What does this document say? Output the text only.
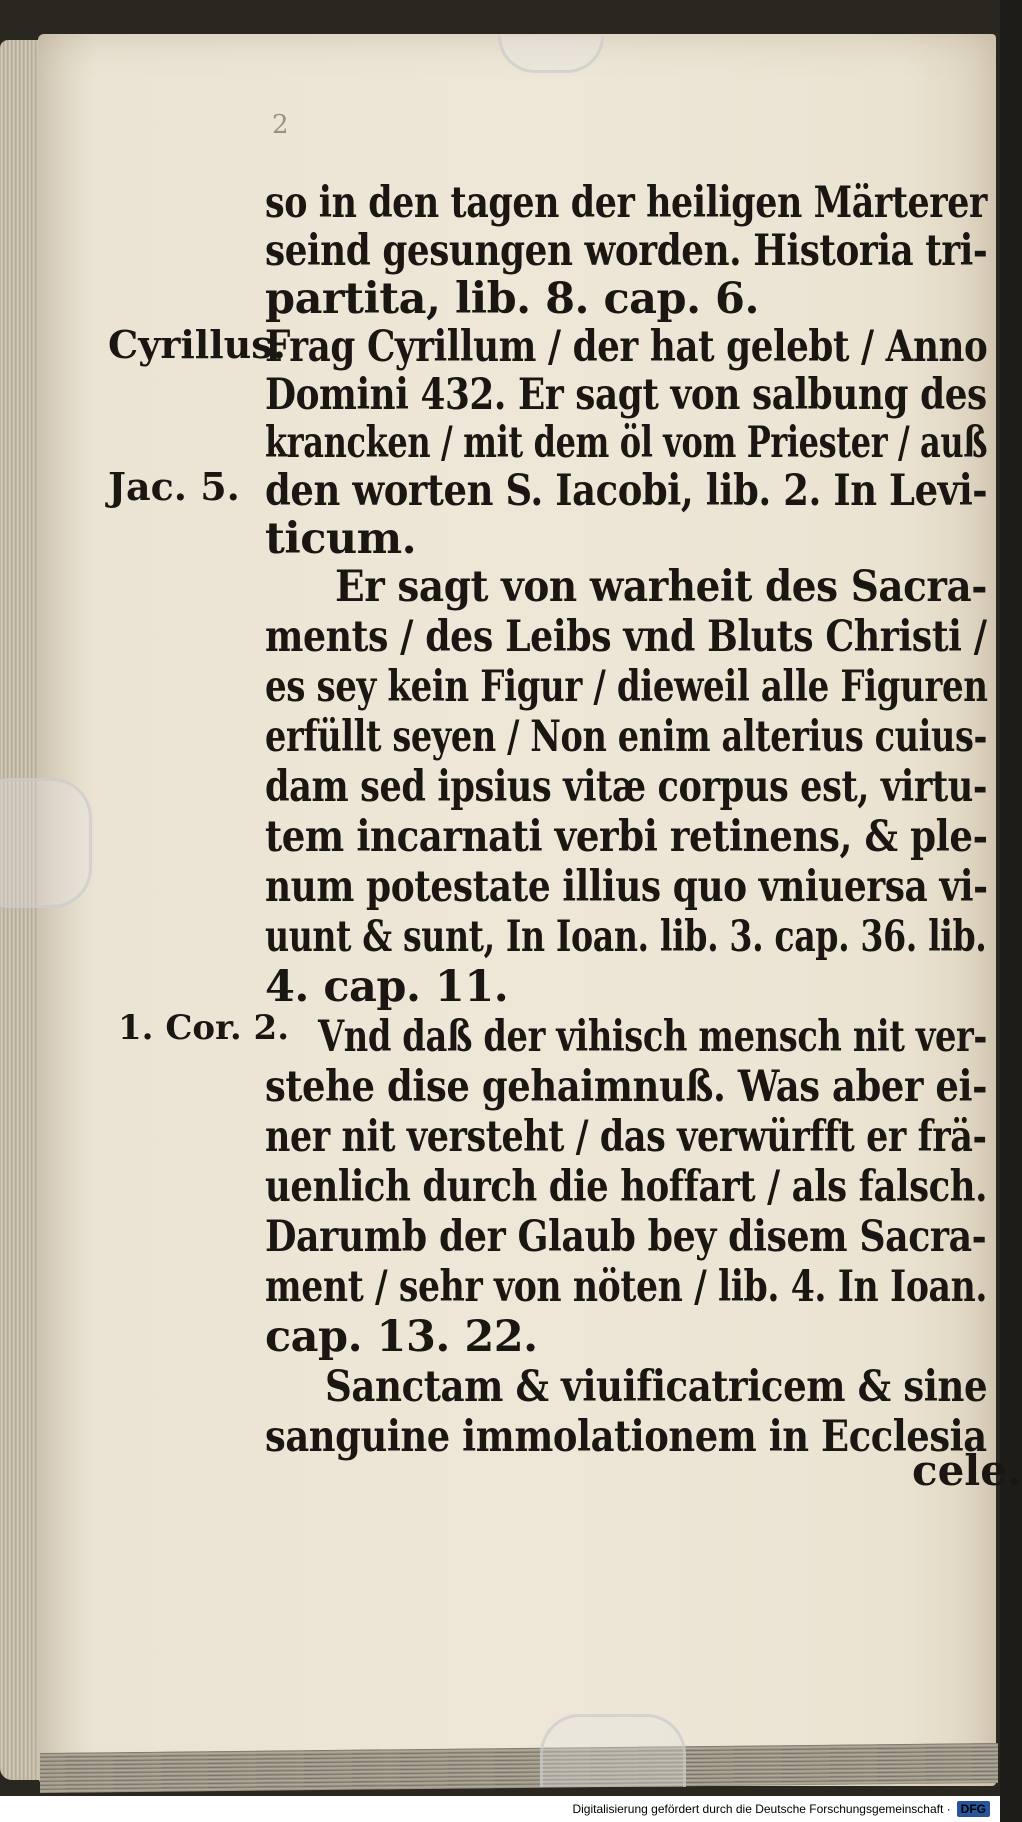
2
Cyrillus.
Jac. 5.
1. Cor. 2.
so in den tagen der heiligen Märterer
seind gesungen worden. Historia tri-
partita, lib. 8. cap. 6.
Frag Cyrillum / der hat gelebt / Anno
Domini 432. Er sagt von salbung des
krancken / mit dem öl vom Priester / auß
den worten S. Iacobi, lib. 2. In Levi-
ticum.
Er sagt von warheit des Sacra-
ments / des Leibs vnd Bluts Christi /
es sey kein Figur / dieweil alle Figuren
erfüllt seyen / Non enim alterius cuius-
dam sed ipsius vitæ corpus est, virtu-
tem incarnati verbi retinens, & ple-
num potestate illius quo vniuersa vi-
uunt & sunt, In Ioan. lib. 3. cap. 36. lib.
4. cap. 11.
Vnd daß der vihisch mensch nit ver-
stehe dise gehaimnuß. Was aber ei-
ner nit versteht / das verwürfft er frä-
uenlich durch die hoffart / als falsch.
Darumb der Glaub bey disem Sacra-
ment / sehr von nöten / lib. 4. In Ioan.
cap. 13. 22.
Sanctam & viuificatricem & sine
sanguine immolationem in Ecclesia
cele.
Digitalisierung gefördert durch die Deutsche Forschungsgemeinschaft · DFG
